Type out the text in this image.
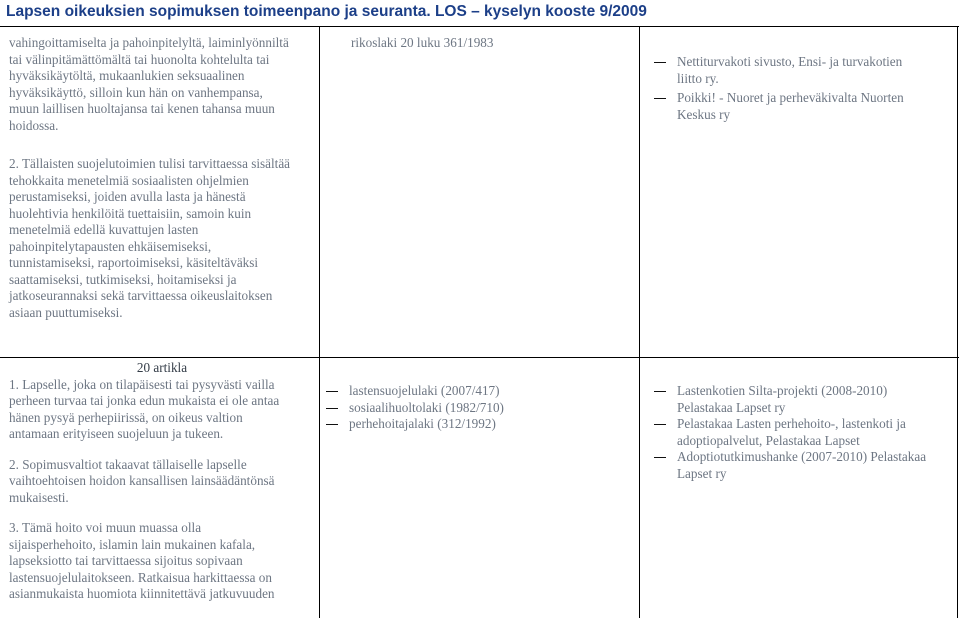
Lapsen oikeuksien sopimuksen toimeenpano ja seuranta. LOS – kyselyn kooste 9/2009

vahingoittamiselta ja pahoinpitelyltä, laiminlyönniltä
tai välinpitämättömältä tai huonolta kohtelulta tai
hyväksikäytöltä, mukaanlukien seksuaalinen
hyväksikäyttö, silloin kun hän on vanhempansa,
muun laillisen huoltajansa tai kenen tahansa muun
hoidossa.

2. Tällaisten suojelutoimien tulisi tarvittaessa sisältää
tehokkaita menetelmiä sosiaalisten ohjelmien
perustamiseksi, joiden avulla lasta ja hänestä
huolehtivia henkilöitä tuettaisiin, samoin kuin
menetelmiä edellä kuvattujen lasten
pahoinpitelytapausten ehkäisemiseksi,
tunnistamiseksi, raportoimiseksi, käsiteltäväksi
saattamiseksi, tutkimiseksi, hoitamiseksi ja
jatkoseurannaksi sekä tarvittaessa oikeuslaitoksen
asiaan puuttumiseksi.

rikoslaki 20 luku 361/1983

Nettiturvakoti sivusto, Ensi- ja turvakotien
liitto ry.
Poikki! - Nuoret ja perheväkivalta Nuorten
Keskus ry

20 artikla

1. Lapselle, joka on tilapäisesti tai pysyvästi vailla
perheen turvaa tai jonka edun mukaista ei ole antaa
hänen pysyä perhepiirissä, on oikeus valtion
antamaan erityiseen suojeluun ja tukeen.

2. Sopimusvaltiot takaavat tällaiselle lapselle
vaihtoehtoisen hoidon kansallisen lainsäädäntönsä
mukaisesti.

3. Tämä hoito voi muun muassa olla
sijaisperhehoito, islamin lain mukainen kafala,
lapseksiotto tai tarvittaessa sijoitus sopivaan
lastensuojelulaitokseen. Ratkaisua harkittaessa on
asianmukaista huomiota kiinnitettävä jatkuvuuden

lastensuojelulaki (2007/417)
sosiaalihuoltolaki (1982/710)
perhehoitajalaki (312/1992)
Lastenkotien Silta-projekti (2008-2010)
Pelastakaa Lapset ry
Pelastakaa Lasten perhehoito-, lastenkoti ja
adoptiopalvelut, Pelastakaa Lapset
Adoptiotutkimushanke (2007-2010) Pelastakaa
Lapset ry
